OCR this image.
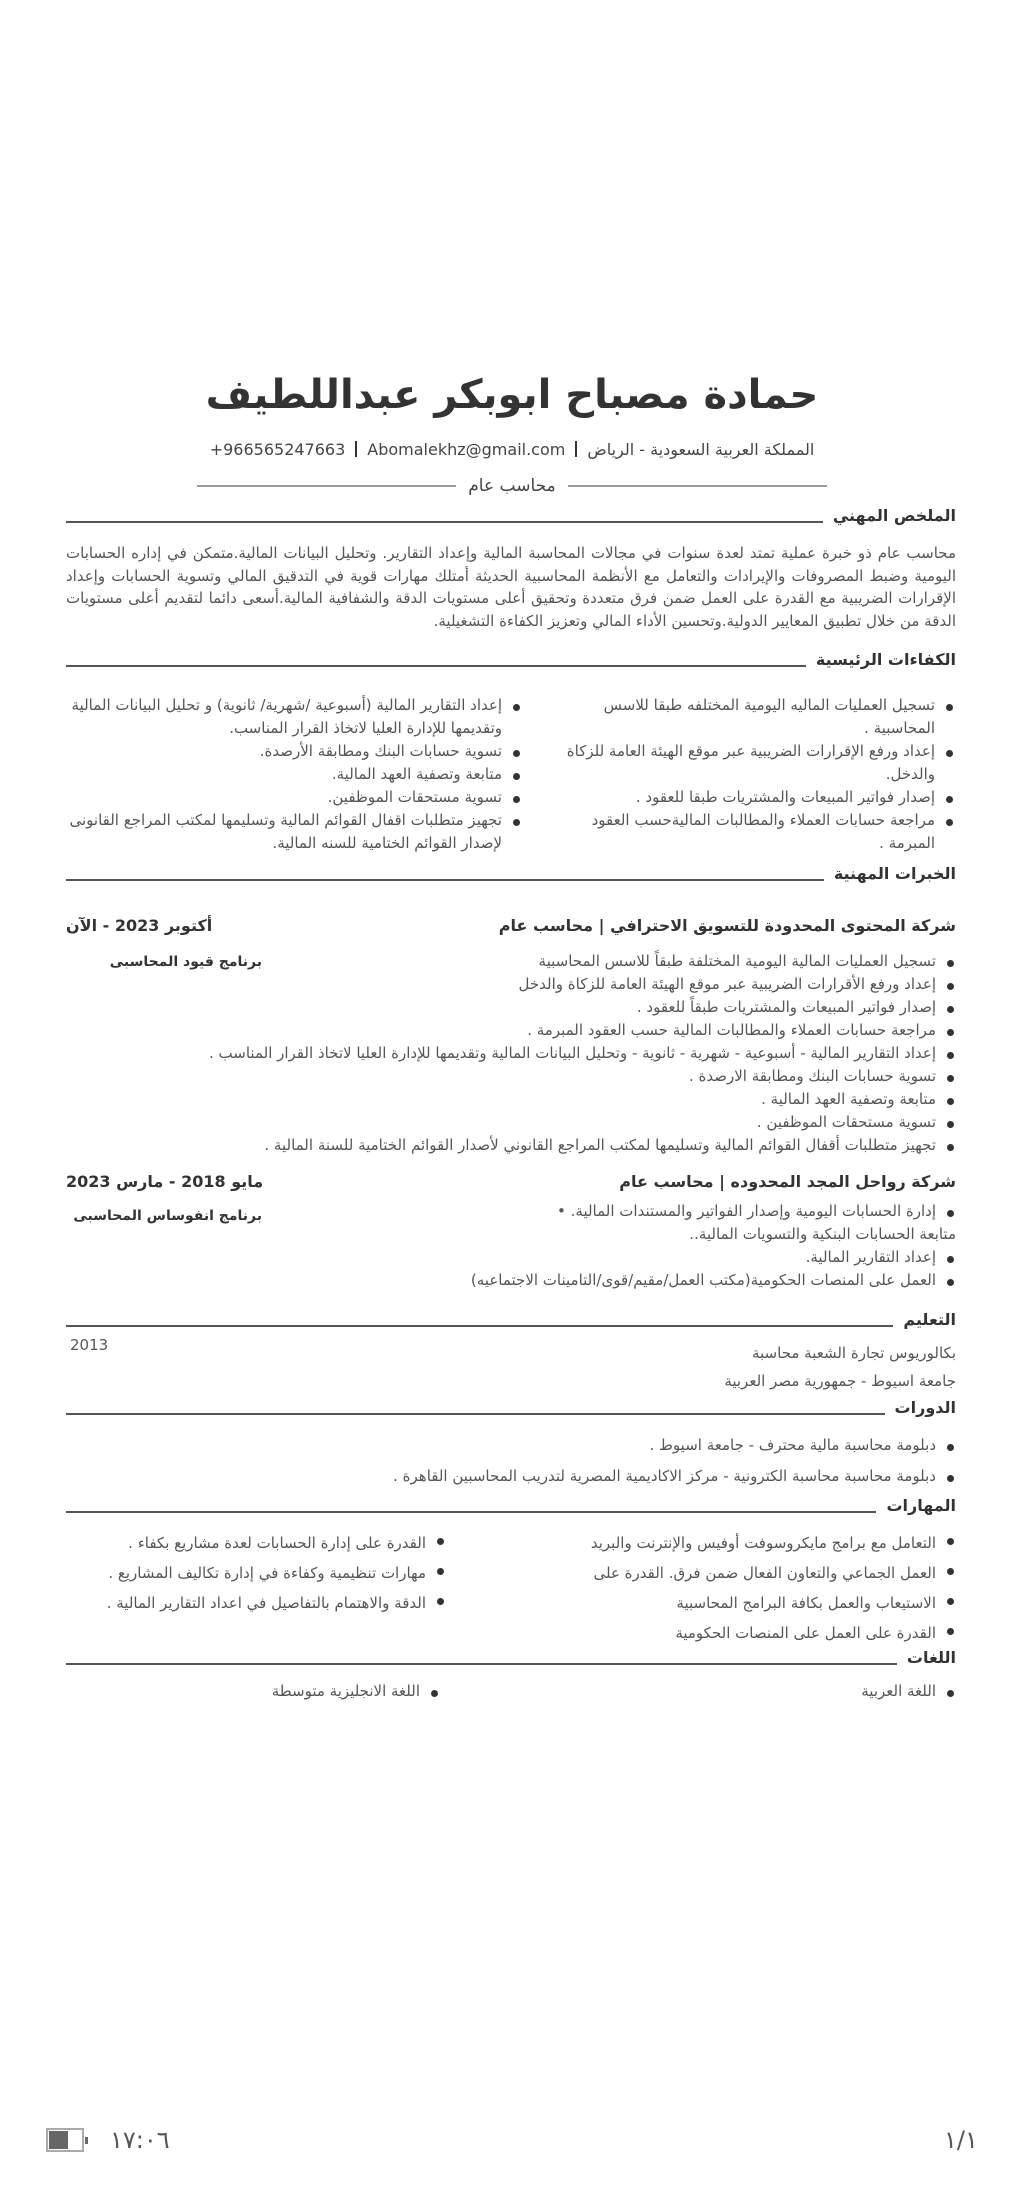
حمادة مصباح ابوبكر عبداللطيف
المملكة العربية السعودية - الرياض+966565247663 Abomalekhz@gmail.com
محاسب عام
الملخص المهني
محاسب عام ذو خبرة عملية تمتد لعدة سنوات في مجالات المحاسبة المالية وإعداد التقارير. وتحليل البيانات المالية.متمكن في إداره الحسابات اليومية وضبط المصروفات والإيرادات والتعامل مع الأنظمة المحاسبية الحديثة أمتلك مهارات قوية في التدقيق المالي وتسوية الحسابات وإعداد الإقرارات الضريبية مع القدرة على العمل ضمن فرق متعددة وتحقيق أعلى مستويات الدقة والشفافية المالية.أسعى دائما لتقديم أعلى مستويات الدقة من خلال تطبيق المعايير الدولية.وتحسين الأداء المالي وتعزيز الكفاءة التشغيلية.
الكفاءات الرئيسية
تسجيل العمليات الماليه اليومية المختلفه طبقا للاسس المحاسبية .
إعداد ورفع الإقرارات الضريبية عبر موقع الهيئة العامة للزكاة والدخل.
إصدار فواتير المبيعات والمشتريات طبقا للعقود .
مراجعة حسابات العملاء والمطالبات الماليةحسب العقود المبرمة .
إعداد التقارير المالية (أسبوعية /شهرية/ ثانوية) و تحليل البيانات المالية وتقديمها للإدارة العليا لاتخاذ القرار المناسب.
تسوية حسابات البنك ومطابقة الأرصدة.
متابعة وتصفية العهد المالية.
تسوية مستحقات الموظفين.
تجهيز متطلبات اقفال القوائم المالية وتسليمها لمكتب المراجع القانونى لإصدار القوائم الختامية للسنه المالية.
الخبرات المهنية
شركة المحتوى المحدودة للتسويق الاحترافي | محاسب عام
أكتوبر 2023 - الآن
برنامج قيود المحاسبى	تسجيل العمليات المالية اليومية المختلفة طبقاً للاسس المحاسبية
إعداد ورفع الأقرارات الضريبية عبر موقع الهيئة العامة للزكاة والدخل
إصدار فواتير المبيعات والمشتريات طبقاً للعقود .
مراجعة حسابات العملاء والمطالبات المالية حسب العقود المبرمة .
إعداد التقارير المالية - أسبوعية - شهرية - ثانوية - وتحليل البيانات المالية وتقديمها للإدارة العليا لاتخاذ القرار المناسب .
تسوية حسابات البنك ومطابقة الارصدة .
متابعة وتصفية العهد المالية .
تسوية مستحقات الموظفين .
تجهيز متطلبات أقفال القوائم المالية وتسليمها لمكتب المراجع القانوني لأصدار القوائم الختامية للسنة المالية .
شركة رواحل المجد المحدوده | محاسب عام
مايو 2018 - مارس 2023
برنامج انفوساس المحاسبى	إدارة الحسابات اليومية وإصدار الفواتير والمستندات المالية. •
متابعة الحسابات البنكية والتسويات المالية..
إعداد التقارير المالية.
العمل على المنصات الحكومية(مكتب العمل/مقيم/قوى/التامينات الاجتماعيه)
التعليم
2013	بكالوريوس تجارة الشعبة محاسبة
جامعة اسيوط - جمهورية مصر العربية
الدورات
دبلومة محاسبة مالية محترف - جامعة اسيوط .
دبلومة محاسبة محاسبة الكترونية - مركز الاكاديمية المصرية لتدريب المحاسبين القاهرة .
المهارات
التعامل مع برامج مايكروسوفت أوفيس والإنترنت والبريد
العمل الجماعي والتعاون الفعال ضمن فرق. القدرة على
الاستيعاب والعمل بكافة البرامج المحاسبية
القدرة على العمل على المنصات الحكومية
القدرة على إدارة الحسابات لعدة مشاريع بكفاء .
مهارات تنظيمية وكفاءة في إدارة تكاليف المشاريع .
الدقة والاهتمام بالتفاصيل في اعداد التقارير المالية .
اللغات
اللغة العربية
اللغة الانجليزية متوسطة
١٧:٠٦	١/١
